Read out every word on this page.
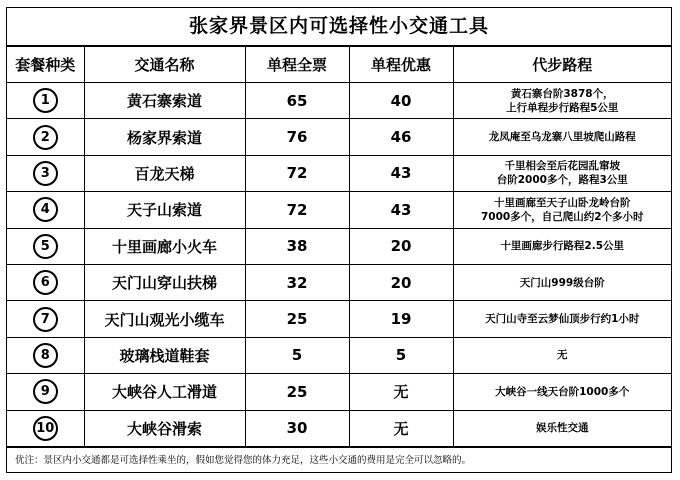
张家界景区内可选择性小交通工具
套餐种类	交通名称	单程全票	单程优惠	代步路程
1	黄石寨索道	65	40	黄石寨台阶3878个，
上行单程步行路程5公里

2	杨家界索道	76	46	龙凤庵至乌龙寨八里坡爬山路程

3	百龙天梯	72	43	千里相会至后花园乱窜坡
台阶2000多个，路程3公里

4	天子山索道	72	43	十里画廊至天子山卧龙岭台阶
7000多个，自己爬山约2个多小时

5	十里画廊小火车	38	20	十里画廊步行路程2.5公里

6	天门山穿山扶梯	32	20	天门山999级台阶

7	天门山观光小缆车	25	19	天门山寺至云梦仙顶步行约1小时

8	玻璃栈道鞋套	5	5	无

9	大峡谷人工滑道	25	无	大峡谷一线天台阶1000多个

10	大峡谷滑索	30	无	娱乐性交通
优注：景区内小交通都是可选择性乘坐的，假如您觉得您的体力充足，这些小交通的费用是完全可以忽略的。
